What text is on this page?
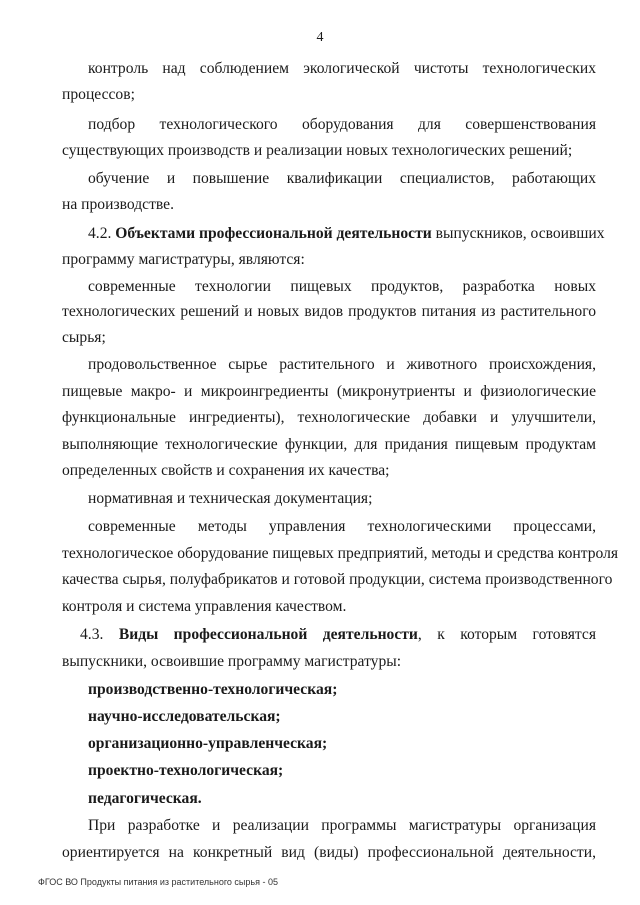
4
контроль над соблюдением экологической чистоты технологических
процессов;
подбор технологического оборудования для совершенствования
существующих производств и реализации новых технологических решений;
обучение и повышение квалификации специалистов, работающих
на производстве.
4.2. Объектами профессиональной деятельности выпускников, освоивших
программу магистратуры, являются:
современные технологии пищевых продуктов, разработка новых
технологических решений и новых видов продуктов питания из растительного
сырья;
продовольственное сырье растительного и животного происхождения,
пищевые макро- и микроингредиенты (микронутриенты и физиологические
функциональные ингредиенты), технологические добавки и улучшители,
выполняющие технологические функции, для придания пищевым продуктам
определенных свойств и сохранения их качества;
нормативная и техническая документация;
современные методы управления технологическими процессами,
технологическое оборудование пищевых предприятий, методы и средства контроля
качества сырья, полуфабрикатов и готовой продукции, система производственного
контроля и система управления качеством.
4.3. Виды профессиональной деятельности, к которым готовятся
выпускники, освоившие программу магистратуры:
производственно-технологическая;
научно-исследовательская;
организационно-управленческая;
проектно-технологическая;
педагогическая.
При разработке и реализации программы магистратуры организация
ориентируется на конкретный вид (виды) профессиональной деятельности,
ФГОС ВО Продукты питания из растительного сырья - 05
